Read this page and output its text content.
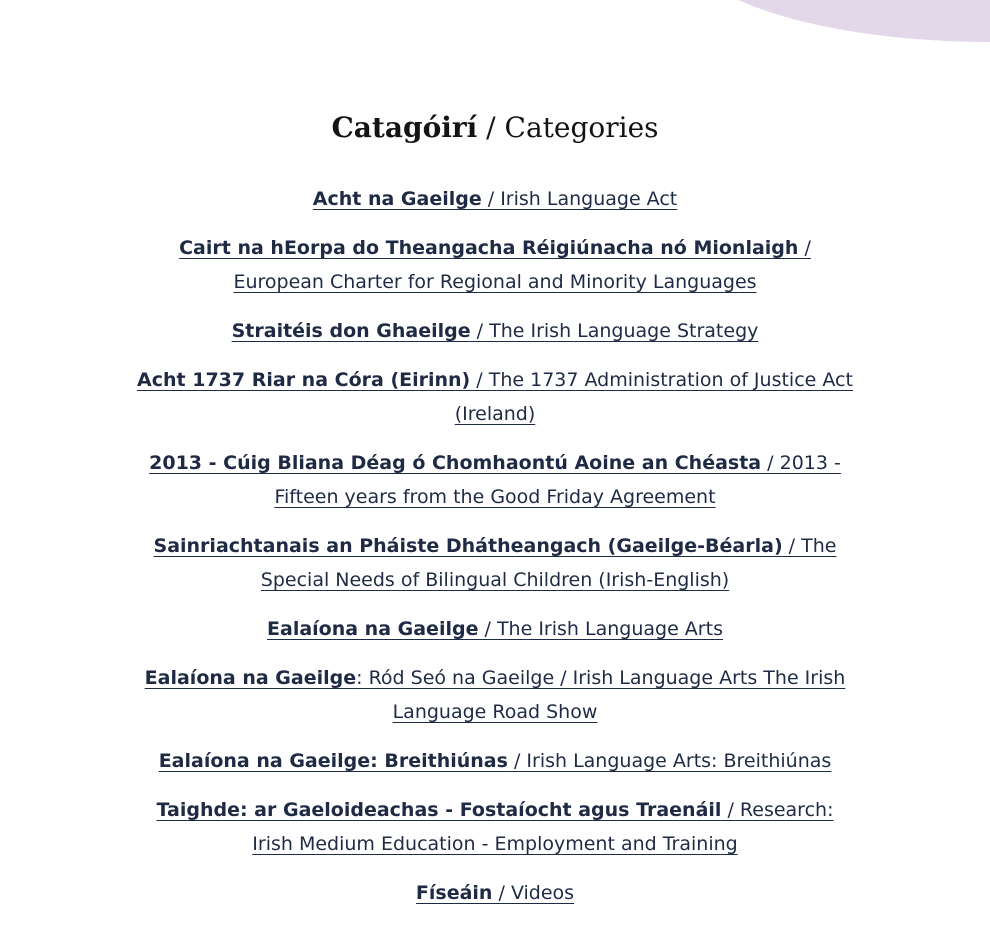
Catagóirí / Categories
Acht na Gaeilge / Irish Language Act
Cairt na hEorpa do Theangacha Réigiúnacha nó Mionlaigh / European Charter for Regional and Minority Languages
Straitéis don Ghaeilge / The Irish Language Strategy
Acht 1737 Riar na Córa (Eirinn) / The 1737 Administration of Justice Act (Ireland)
2013 - Cúig Bliana Déag ó Chomhaontú Aoine an Chéasta / 2013 - Fifteen years from the Good Friday Agreement
Sainriachtanais an Pháiste Dhátheangach (Gaeilge-Béarla) / The Special Needs of Bilingual Children (Irish-English)
Ealaíona na Gaeilge / The Irish Language Arts
Ealaíona na Gaeilge: Ród Seó na Gaeilge / Irish Language Arts The Irish Language Road Show
Ealaíona na Gaeilge: Breithiúnas / Irish Language Arts: Breithiúnas
Taighde: ar Gaeloideachas - Fostaíocht agus Traenáil / Research: Irish Medium Education - Employment and Training
Físeáin / Videos
